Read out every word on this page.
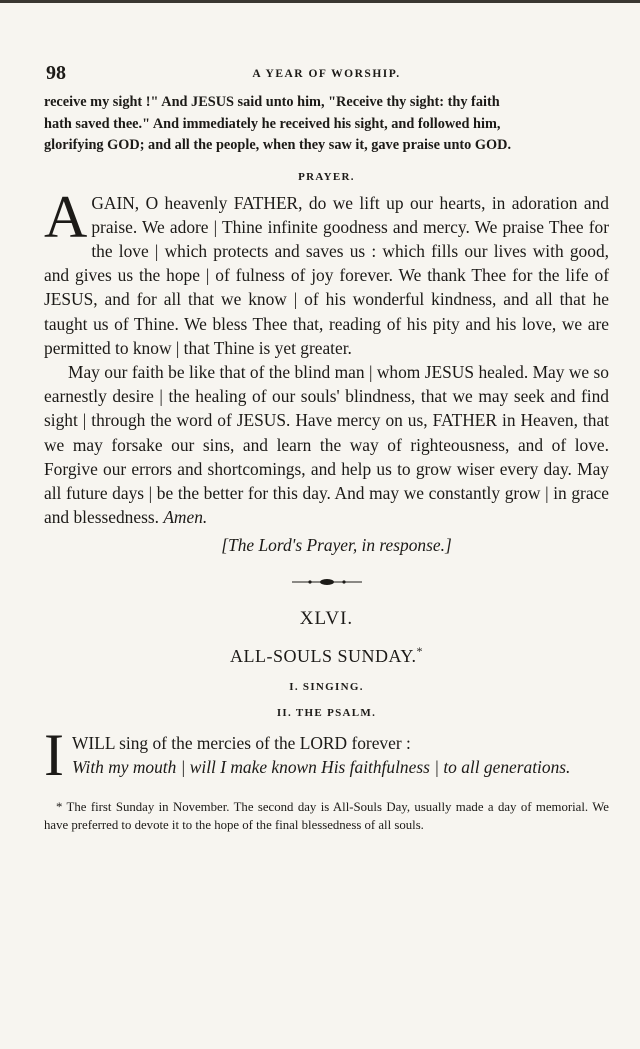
98	A YEAR OF WORSHIP.

receive my sight !" And JESUS said unto him, "Receive thy sight: thy faith

hath saved thee." And immediately he received his sight, and followed him,

glorifying GOD; and all the people, when they saw it, gave praise unto GOD.

PRAYER.

AGAIN, O heavenly FATHER, do we lift up our hearts, in adoration and praise. We adore | Thine infinite goodness and mercy. We praise Thee for the love | which protects and saves us : which fills our lives with good, and gives us the hope | of fulness of joy forever. We thank Thee for the life of JESUS, and for all that we know | of his wonderful kindness, and all that he taught us of Thine. We bless Thee that, reading of his pity and his love, we are permitted to know | that Thine is yet greater.

May our faith be like that of the blind man | whom JESUS healed. May we so earnestly desire | the healing of our souls' blindness, that we may seek and find sight | through the word of JESUS. Have mercy on us, FATHER in Heaven, that we may forsake our sins, and learn the way of righteousness, and of love. Forgive our errors and shortcomings, and help us to grow wiser every day. May all future days | be the better for this day. And may we constantly grow | in grace and blessedness. Amen.

[The Lord's Prayer, in response.]
XLVI.
ALL-SOULS SUNDAY.*
I. SINGING.
II. THE PSALM.

IWILL sing of the mercies of the LORD forever :
With my mouth | will I make known His faithfulness | to all generations.

* The first Sunday in November. The second day is All-Souls Day, usually made a day of memorial. We have preferred to devote it to the hope of the final blessedness of all souls.
